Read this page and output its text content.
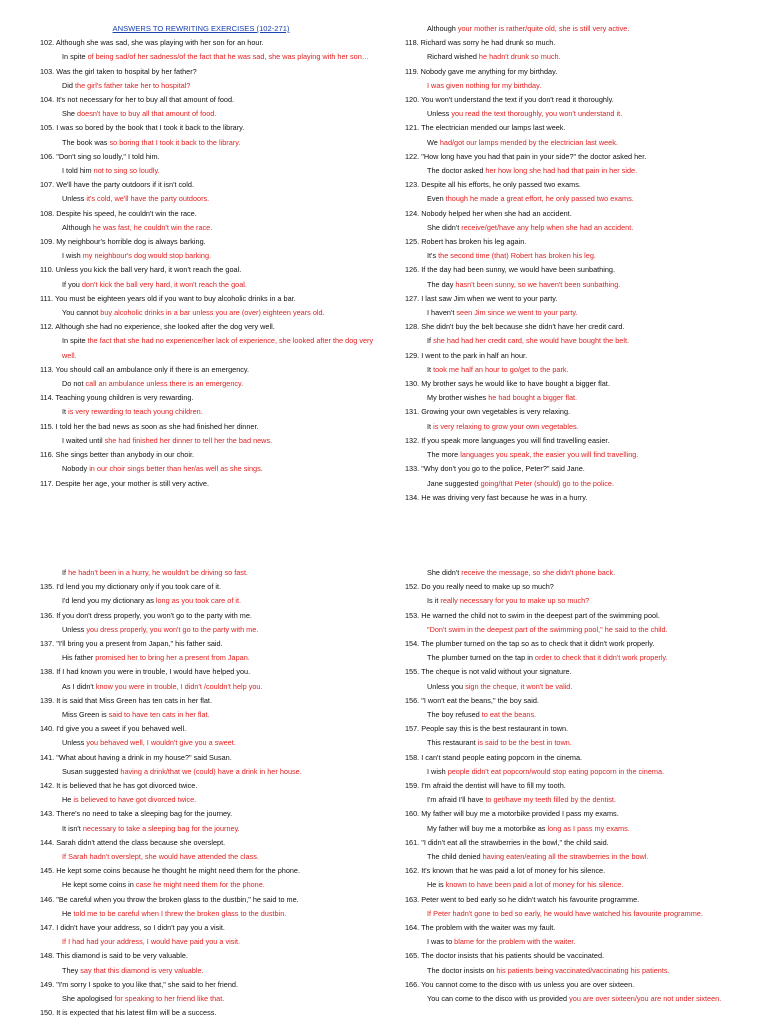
ANSWERS TO REWRITING EXERCISES (102-271)
102. Although she was sad, she was playing with her son for an hour.
In spite of being sad/of her sadness/of the fact that he was sad, she was playing with her son…
103. Was the girl taken to hospital by her father?
Did the girl's father take her to hospital?
104. It's not necessary for her to buy all that amount of food.
She doesn't have to buy all that amount of food.
105. I was so bored by the book that I took it back to the library.
The book was so boring that I took it back to the library.
106. "Don't sing so loudly," I told him.
I told him not to sing so loudly.
107. We'll have the party outdoors if it isn't cold.
Unless it's cold, we'll have the party outdoors.
108. Despite his speed, he couldn't win the race.
Although he was fast, he couldn't win the race.
109. My neighbour's horrible dog is always barking.
I wish my neighbour's dog would stop barking.
110. Unless you kick the ball very hard, it won't reach the goal.
If you don't kick the ball very hard, it won't reach the goal.
111. You must be eighteen years old if you want to buy alcoholic drinks in a bar.
You cannot buy alcoholic drinks in a bar unless you are (over) eighteen years old.
112. Although she had no experience, she looked after the dog very well.
In spite the fact that she had no experience/her lack of experience, she looked after the dog very well.
113. You should call an ambulance only if there is an emergency.
Do not call an ambulance unless there is an emergency.
114. Teaching young children is very rewarding.
It is very rewarding to teach young children.
115. I told her the bad news as soon as she had finished her dinner.
I waited until she had finished her dinner to tell her the bad news.
116. She sings better than anybody in our choir.
Nobody in our choir sings better than her/as well as she sings.
117. Despite her age, your mother is still very active.
Although your mother is rather/quite old, she is still very active.
118. Richard was sorry he had drunk so much.
Richard wished he hadn't drunk so much.
119. Nobody gave me anything for my birthday.
I was given nothing for my birthday.
120. You won't understand the text if you don't read it thoroughly.
Unless you read the text thoroughly, you won't understand it.
121. The electrician mended our lamps last week.
We had/got our lamps mended by the electrician last week.
122. "How long have you had that pain in your side?" the doctor asked her.
The doctor asked her how long she had had that pain in her side.
123. Despite all his efforts, he only passed two exams.
Even though he made a great effort, he only passed two exams.
124. Nobody helped her when she had an accident.
She didn't receive/get/have any help when she had an accident.
125. Robert has broken his leg again.
It's the second time (that) Robert has broken his leg.
126. If the day had been sunny, we would have been sunbathing.
The day hasn't been sunny, so we haven't been sunbathing.
127. I last saw Jim when we went to your party.
I haven't seen Jim since we went to your party.
128. She didn't buy the belt because she didn't have her credit card.
If she had had her credit card, she would have bought the belt.
129. I went to the park in half an hour.
It took me half an hour to go/get to the park.
130. My brother says he would like to have bought a bigger flat.
My brother wishes he had bought a bigger flat.
131. Growing your own vegetables is very relaxing.
It is very relaxing to grow your own vegetables.
132. If you speak more languages you will find travelling easier.
The more languages you speak, the easier you will find travelling.
133. "Why don't you go to the police, Peter?" said Jane.
Jane suggested going/that Peter (should) go to the police.
134. He was driving very fast because he was in a hurry.
If he hadn't been in a hurry, he wouldn't be driving so fast.
135. I'd lend you my dictionary only if you took care of it.
I'd lend you my dictionary as long as you took care of it.
136. If you don't dress properly, you won't go to the party with me.
Unless you dress properly, you won't go to the party with me.
137. "I'll bring you a present from Japan," his father said.
His father promised her to bring her a present from Japan.
138. If I had known you were in trouble, I would have helped you.
As I didn't know you were in trouble, I didn't /couldn't help you.
139. It is said that Miss Green has ten cats in her flat.
Miss Green is said to have ten cats in her flat.
140. I'd give you a sweet if you behaved well.
Unless you behaved well, I wouldn't give you a sweet.
141. "What about having a drink in my house?" said Susan.
Susan suggested having a drink/that we (could) have a drink in her house.
142. It is believed that he has got divorced twice.
He is believed to have got divorced twice.
143. There's no need to take a sleeping bag for the journey.
It isn't necessary to take a sleeping bag for the journey.
144. Sarah didn't attend the class because she overslept.
If Sarah hadn't overslept, she would have attended the class.
145. He kept some coins because he thought he might need them for the phone.
He kept some coins in case he might need them for the phone.
146. "Be careful when you throw the broken glass to the dustbin," he said to me.
He told me to be careful when I threw the broken glass to the dustbin.
147. I didn't have your address, so I didn't pay you a visit.
If I had had your address, I would have paid you a visit.
148. This diamond is said to be very valuable.
They say that this diamond is very valuable.
149. "I'm sorry I spoke to you like that," she said to her friend.
She apologised for speaking to her friend like that.
150. It is expected that his latest film will be a success.
She didn't receive the message, so she didn't phone back.
152. Do you really need to make up so much?
Is it really necessary for you to make up so much?
153. He warned the child not to swim in the deepest part of the swimming pool.
"Don't swim in the deepest part of the swimming pool," he said to the child.
154. The plumber turned on the tap so as to check that it didn't work properly.
The plumber turned on the tap in order to check that it didn't work properly.
155. The cheque is not valid without your signature.
Unless you sign the cheque, it won't be valid.
156. "I won't eat the beans," the boy said.
The boy refused to eat the beans.
157. People say this is the best restaurant in town.
This restaurant is said to be the best in town.
158. I can't stand people eating popcorn in the cinema.
I wish people didn't eat popcorn/would stop eating popcorn in the cinema.
159. I'm afraid the dentist will have to fill my tooth.
I'm afraid I'll have to get/have my teeth filled by the dentist.
160. My father will buy me a motorbike provided I pass my exams.
My father will buy me a motorbike as long as I pass my exams.
161. "I didn't eat all the strawberries in the bowl," the child said.
The child denied having eaten/eating all the strawberries in the bowl.
162. It's known that he was paid a lot of money for his silence.
He is known to have been paid a lot of money for his silence.
163. Peter went to bed early so he didn't watch his favourite programme.
If Peter hadn't gone to bed so early, he would have watched his favourite programme.
164. The problem with the waiter was my fault.
I was to blame for the problem with the waiter.
165. The doctor insists that his patients should be vaccinated.
The doctor insists on his patients being vaccinated/vaccinating his patients.
166. You cannot come to the disco with us unless you are over sixteen.
You can come to the disco with us provided you are over sixteen/you are not under sixteen.
